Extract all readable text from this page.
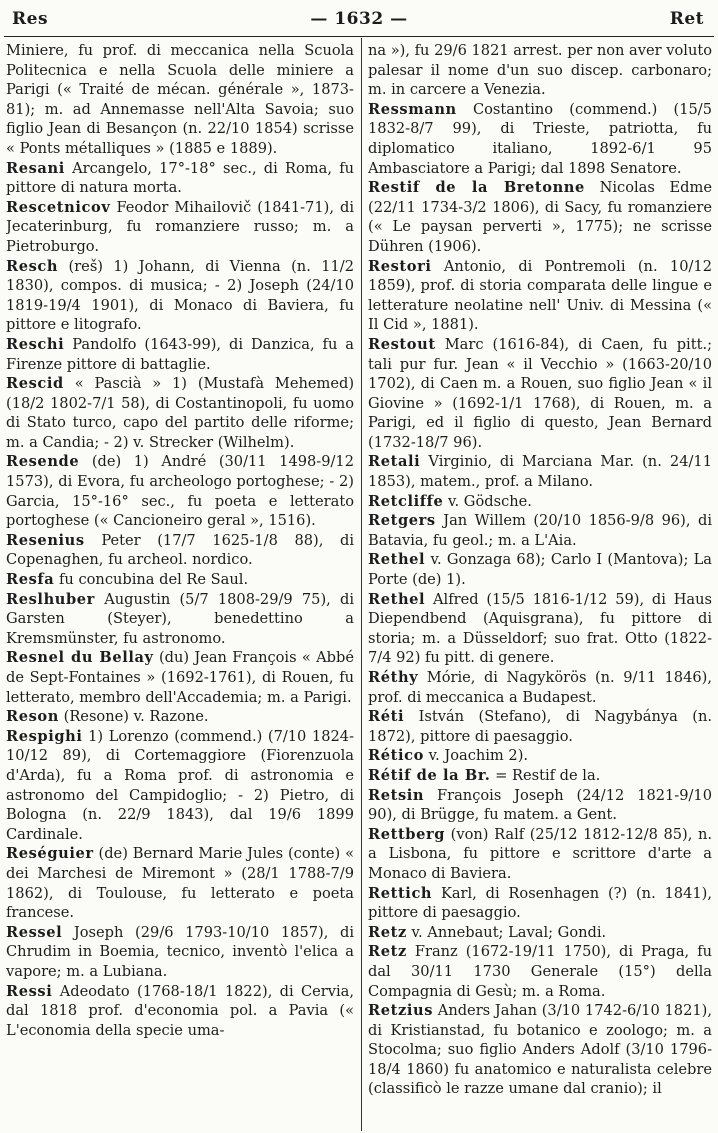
Res	— 1632 —	Ret

Miniere, fu prof. di meccanica nella Scuola Politecnica e nella Scuola delle miniere a Parigi (« Traité de mécan. générale », 1873-81); m. ad Annemasse nell'Alta Savoia; suo figlio Jean di Besançon (n. 22/10 1854) scrisse « Ponts métalliques » (1885 e 1889).

Resani Arcangelo, 17°-18° sec., di Roma, fu pittore di natura morta.

Rescetnicov Feodor Mihailovič (1841-71), di Jecaterinburg, fu romanziere russo; m. a Pietroburgo.

Resch (reš) 1) Johann, di Vienna (n. 11/2 1830), compos. di musica; - 2) Joseph (24/10 1819-19/4 1901), di Monaco di Baviera, fu pittore e litografo.

Reschi Pandolfo (1643-99), di Danzica, fu a Firenze pittore di battaglie.

Rescid « Pascià » 1) (Mustafà Mehemed) (18/2 1802-7/1 58), di Costantinopoli, fu uomo di Stato turco, capo del partito delle riforme; m. a Candia; - 2) v. Strecker (Wilhelm).

Resende (de) 1) André (30/11 1498-9/12 1573), di Evora, fu archeologo portoghese; - 2) Garcia, 15°-16° sec., fu poeta e letterato portoghese (« Cancioneiro geral », 1516).

Resenius Peter (17/7 1625-1/8 88), di Copenaghen, fu archeol. nordico.

Resfa fu concubina del Re Saul.

Reslhuber Augustin (5/7 1808-29/9 75), di Garsten (Steyer), benedettino a Kremsmünster, fu astronomo.

Resnel du Bellay (du) Jean François « Abbé de Sept-Fontaines » (1692-1761), di Rouen, fu letterato, membro dell'Accademia; m. a Parigi.

Reson (Resone) v. Razone.

Respighi 1) Lorenzo (commend.) (7/10 1824-10/12 89), di Cortemaggiore (Fiorenzuola d'Arda), fu a Roma prof. di astronomia e astronomo del Campidoglio; - 2) Pietro, di Bologna (n. 22/9 1843), dal 19/6 1899 Cardinale.

Reséguier (de) Bernard Marie Jules (conte) « dei Marchesi de Miremont » (28/1 1788-7/9 1862), di Toulouse, fu letterato e poeta francese.

Ressel Joseph (29/6 1793-10/10 1857), di Chrudim in Boemia, tecnico, inventò l'elica a vapore; m. a Lubiana.

Ressi Adeodato (1768-18/1 1822), di Cervia, dal 1818 prof. d'economia pol. a Pavia (« L'economia della specie uma-

na »), fu 29/6 1821 arrest. per non aver voluto palesar il nome d'un suo discep. carbonaro; m. in carcere a Venezia.

Ressmann Costantino (commend.) (15/5 1832-8/7 99), di Trieste, patriotta, fu diplomatico italiano, 1892-6/1 95 Ambasciatore a Parigi; dal 1898 Senatore.

Restif de la Bretonne Nicolas Edme (22/11 1734-3/2 1806), di Sacy, fu romanziere (« Le paysan perverti », 1775); ne scrisse Dühren (1906).

Restori Antonio, di Pontremoli (n. 10/12 1859), prof. di storia comparata delle lingue e letterature neolatine nell' Univ. di Messina (« Il Cid », 1881).

Restout Marc (1616-84), di Caen, fu pitt.; tali pur fur. Jean « il Vecchio » (1663-20/10 1702), di Caen m. a Rouen, suo figlio Jean « il Giovine » (1692-1/1 1768), di Rouen, m. a Parigi, ed il figlio di questo, Jean Bernard (1732-18/7 96).

Retali Virginio, di Marciana Mar. (n. 24/11 1853), matem., prof. a Milano.

Retcliffe v. Gödsche.

Retgers Jan Willem (20/10 1856-9/8 96), di Batavia, fu geol.; m. a L'Aia.

Rethel v. Gonzaga 68); Carlo I (Mantova); La Porte (de) 1).

Rethel Alfred (15/5 1816-1/12 59), di Haus Diependbend (Aquisgrana), fu pittore di storia; m. a Düsseldorf; suo frat. Otto (1822-7/4 92) fu pitt. di genere.

Réthy Mórie, di Nagykörös (n. 9/11 1846), prof. di meccanica a Budapest.

Réti István (Stefano), di Nagybánya (n. 1872), pittore di paesaggio.

Rético v. Joachim 2).

Rétif de la Br. = Restif de la.

Retsin François Joseph (24/12 1821-9/10 90), di Brügge, fu matem. a Gent.

Rettberg (von) Ralf (25/12 1812-12/8 85), n. a Lisbona, fu pittore e scrittore d'arte a Monaco di Baviera.

Rettich Karl, di Rosenhagen (?) (n. 1841), pittore di paesaggio.

Retz v. Annebaut; Laval; Gondi.

Retz Franz (1672-19/11 1750), di Praga, fu dal 30/11 1730 Generale (15°) della Compagnia di Gesù; m. a Roma.

Retzius Anders Jahan (3/10 1742-6/10 1821), di Kristianstad, fu botanico e zoologo; m. a Stocolma; suo figlio Anders Adolf (3/10 1796-18/4 1860) fu anatomico e naturalista celebre (classificò le razze umane dal cranio); il
